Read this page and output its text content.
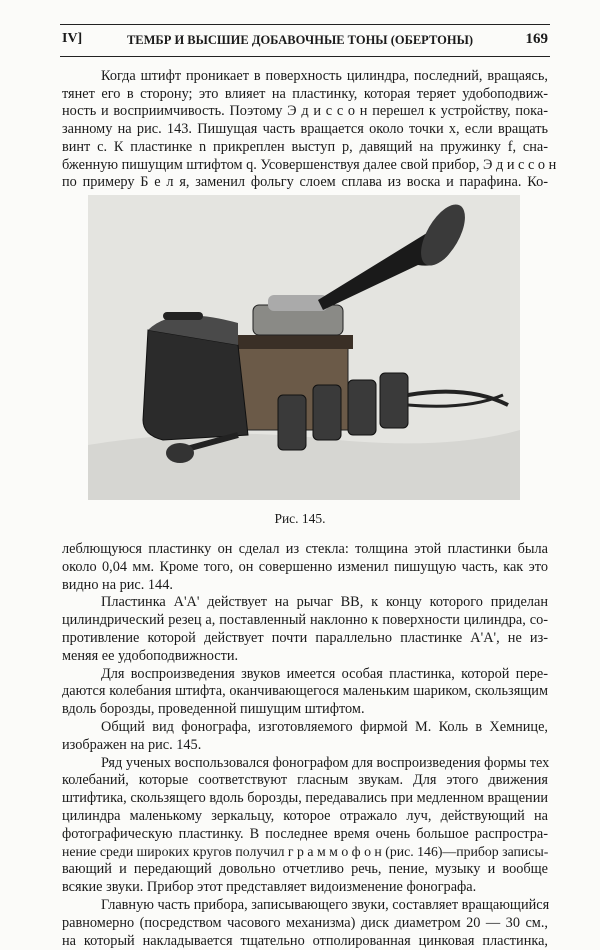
IV]	ТЕМБР И ВЫСШИЕ ДОБАВОЧНЫЕ ТОНЫ (ОБЕРТОНЫ)	169
Когда штифт проникает в поверхность цилиндра, последний, вращаясь,
тянет его в сторону; это влияет на пластинку, которая теряет удобоподвиж-
ность и восприимчивость. Поэтому Э д и с с о н перешел к устройству, пока-
занному на рис. 143. Пишущая часть вращается около точки x, если вращать
винт c. К пластинке n прикреплен выступ p, давящий на пружинку f, сна-
бженную пишущим штифтом q. Усовершенствуя далее свой прибор, Э д и с с о н
по примеру Б е л я, заменил фольгу слоем сплава из воска и парафина. Ко-
Рис. 145.
леблющуюся пластинку он сделал из стекла: толщина этой пластинки была
около 0,04 мм. Кроме того, он совершенно изменил пишущую часть, как это
видно на рис. 144.
Пластинка A'A' действует на рычаг BB, к концу которого приделан
цилиндрический резец a, поставленный наклонно к поверхности цилиндра, со-
противление которой действует почти параллельно пластинке A'A', не из-
меняя ее удобоподвижности.
Для воспроизведения звуков имеется особая пластинка, которой пере-
даются колебания штифта, оканчивающегося маленьким шариком, скользящим
вдоль борозды, проведенной пишущим штифтом.
Общий вид фонографа, изготовляемого фирмой М. Коль в Хемнице,
изображен на рис. 145.
Ряд ученых воспользовался фонографом для воспроизведения формы тех
колебаний, которые соответствуют гласным звукам. Для этого движения
штифтика, скользящего вдоль борозды, передавались при медленном вращении
цилиндра маленькому зеркальцу, которое отражало луч, действующий на
фотографическую пластинку. В последнее время очень большое распростра-
нение среди широких кругов получил г р а м м о ф о н (рис. 146)—прибор записы-
вающий и передающий довольно отчетливо речь, пение, музыку и вообще
всякие звуки. Прибор этот представляет видоизменение фонографа.
Главную часть прибора, записывающего звуки, составляет вращающийся
равномерно (посредством часового механизма) диск диаметром 20 — 30 см.,
на который накладывается тщательно отполированная цинковая пластинка,
